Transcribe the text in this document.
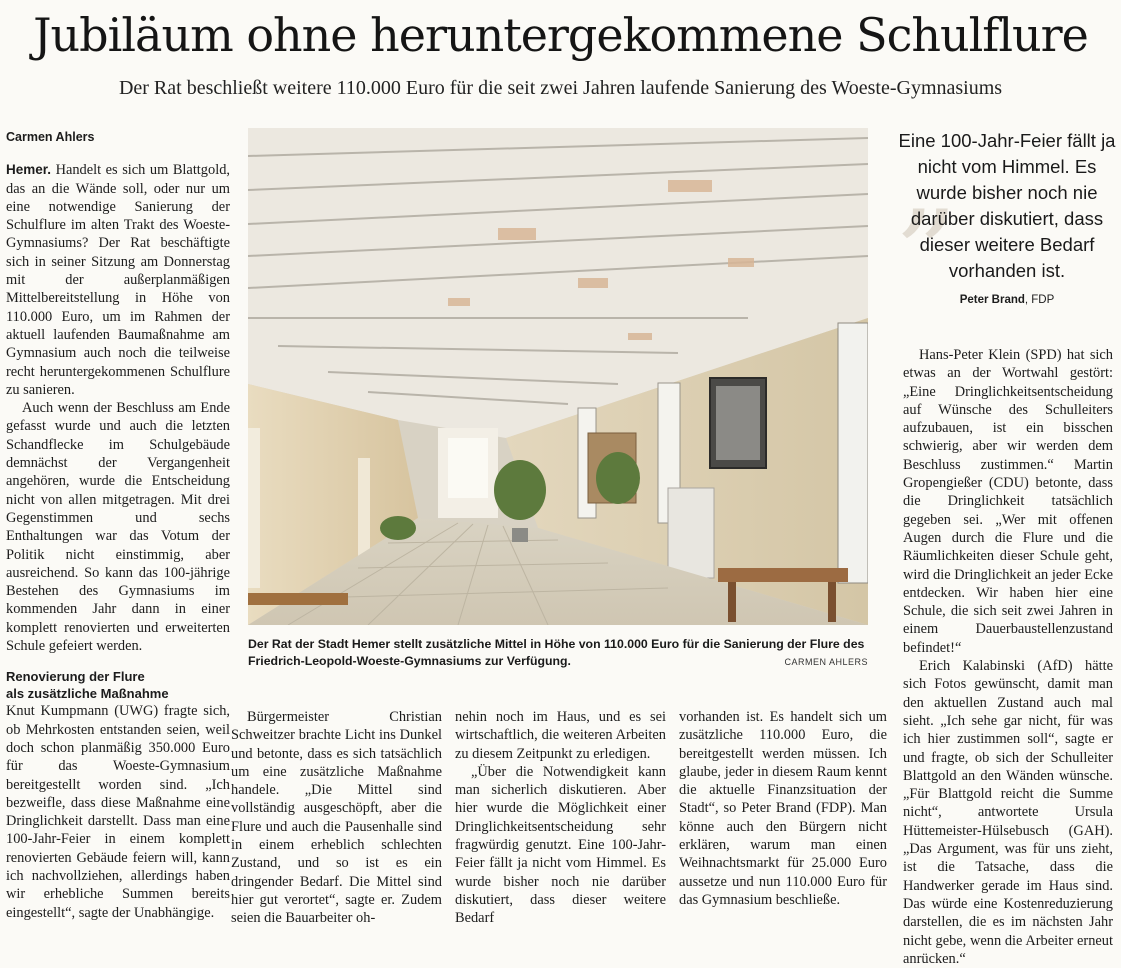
Jubiläum ohne heruntergekommene Schulflure
Der Rat beschließt weitere 110.000 Euro für die seit zwei Jahren laufende Sanierung des Woeste-Gymnasiums
Carmen Ahlers

Hemer. Handelt es sich um Blattgold, das an die Wände soll, oder nur um eine notwendige Sanierung der Schulflure im alten Trakt des Woeste-Gymnasiums? Der Rat beschäftigte sich in seiner Sitzung am Donnerstag mit der außerplanmäßigen Mittelbereitstellung in Höhe von 110.000 Euro, um im Rahmen der aktuell laufenden Baumaßnahme am Gymnasium auch noch die teilweise recht heruntergekommenen Schulflure zu sanieren.

Auch wenn der Beschluss am Ende gefasst wurde und auch die letzten Schandflecke im Schulgebäude demnächst der Vergangenheit angehören, wurde die Entscheidung nicht von allen mitgetragen. Mit drei Gegenstimmen und sechs Enthaltungen war das Votum der Politik nicht einstimmig, aber ausreichend. So kann das 100-jährige Bestehen des Gymnasiums im kommenden Jahr dann in einer komplett renovierten und erweiterten Schule gefeiert werden.

Renovierung der Flure
als zusätzliche Maßnahme

Knut Kumpmann (UWG) fragte sich, ob Mehrkosten entstanden seien, weil doch schon planmäßig 350.000 Euro für das Woeste-Gymnasium bereitgestellt worden sind. „Ich bezweifle, dass diese Maßnahme eine Dringlichkeit darstellt. Dass man eine 100-Jahr-Feier in einem komplett renovierten Gebäude feiern will, kann ich nachvollziehen, allerdings haben wir erhebliche Summen bereits eingestellt“, sagte der Unabhängige.

Der Rat der Stadt Hemer stellt zusätzliche Mittel in Höhe von 110.000 Euro für die Sanierung der Flure des Friedrich-Leopold-Woeste-Gymnasiums zur Verfügung.	CARMEN AHLERS

Bürgermeister Christian Schweitzer brachte Licht ins Dunkel und betonte, dass es sich tatsächlich um eine zusätzliche Maßnahme handele. „Die Mittel sind vollständig ausgeschöpft, aber die Flure und auch die Pausenhalle sind in einem erheblich schlechten Zustand, und so ist es ein dringender Bedarf. Die Mittel sind hier gut verortet“, sagte er. Zudem seien die Bauarbeiter oh-

nehin noch im Haus, und es sei wirtschaftlich, die weiteren Arbeiten zu diesem Zeitpunkt zu erledigen.

„Über die Notwendigkeit kann man sicherlich diskutieren. Aber hier wurde die Möglichkeit einer Dringlichkeitsentscheidung sehr fragwürdig genutzt. Eine 100-Jahr-Feier fällt ja nicht vom Himmel. Es wurde bisher noch nie darüber diskutiert, dass dieser weitere Bedarf

vorhanden ist. Es handelt sich um zusätzliche 110.000 Euro, die bereitgestellt werden müssen. Ich glaube, jeder in diesem Raum kennt die aktuelle Finanzsituation der Stadt“, so Peter Brand (FDP). Man könne auch den Bürgern nicht erklären, warum man einen Weihnachtsmarkt für 25.000 Euro aussetze und nun 110.000 Euro für das Gymnasium beschließe.

„
Eine 100-Jahr-Feier fällt ja nicht vom Himmel. Es wurde bisher noch nie darüber diskutiert, dass dieser weitere Bedarf vorhanden ist.
Peter Brand, FDP

Hans-Peter Klein (SPD) hat sich etwas an der Wortwahl gestört: „Eine Dringlichkeitsentscheidung auf Wünsche des Schulleiters aufzubauen, ist ein bisschen schwierig, aber wir werden dem Beschluss zustimmen.“ Martin Gropengießer (CDU) betonte, dass die Dringlichkeit tatsächlich gegeben sei. „Wer mit offenen Augen durch die Flure und die Räumlichkeiten dieser Schule geht, wird die Dringlichkeit an jeder Ecke entdecken. Wir haben hier eine Schule, die sich seit zwei Jahren in einem Dauerbaustellenzustand befindet!“

Erich Kalabinski (AfD) hätte sich Fotos gewünscht, damit man den aktuellen Zustand auch mal sieht. „Ich sehe gar nicht, für was ich hier zustimmen soll“, sagte er und fragte, ob sich der Schulleiter Blattgold an den Wänden wünsche. „Für Blattgold reicht die Summe nicht“, antwortete Ursula Hüttemeister-Hülsebusch (GAH). „Das Argument, was für uns zieht, ist die Tatsache, dass die Handwerker gerade im Haus sind. Das würde eine Kostenreduzierung darstellen, die es im nächsten Jahr nicht gebe, wenn die Arbeiter erneut anrücken.“
